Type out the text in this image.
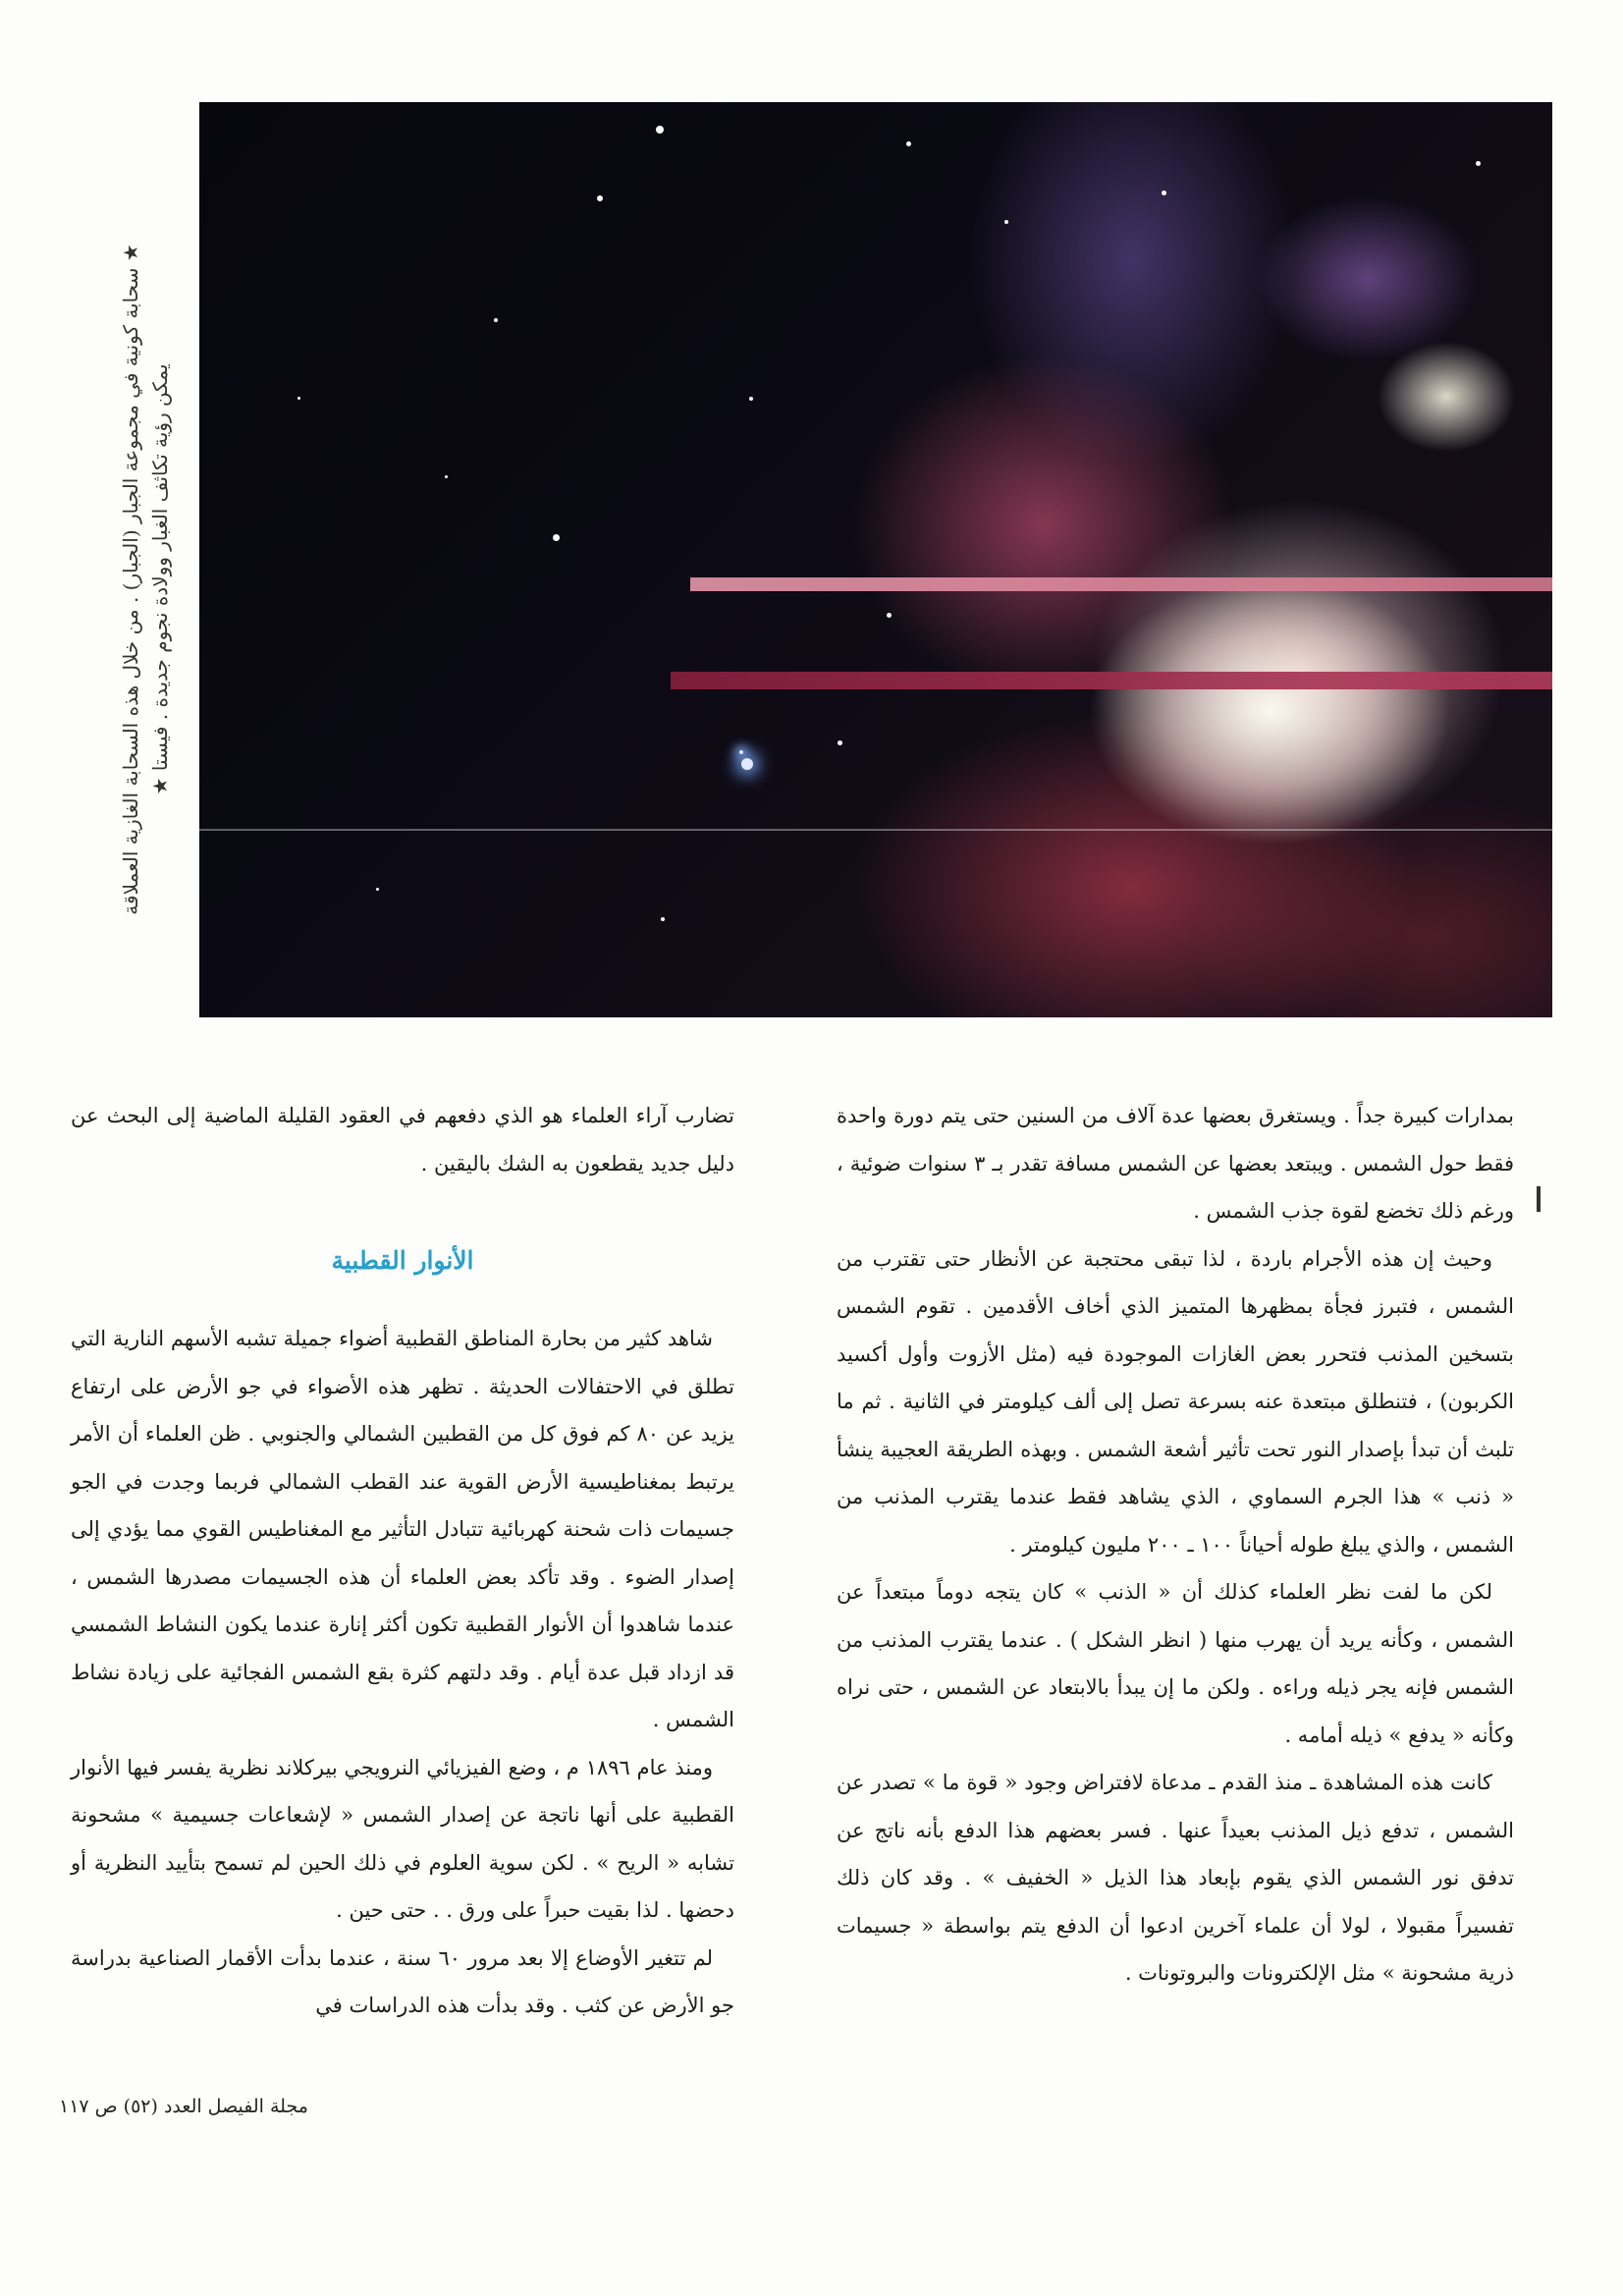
★ سحابة كونية في مجموعة الجبار (الجبار) . من خلال هذه السحابة الغازية العملاقة يمكن رؤية تكاثف الغبار وولادة نجوم جديدة . فيستا ★

بمدارات كبيرة جداً . ويستغرق بعضها عدة آلاف من السنين حتى يتم دورة واحدة فقط حول الشمس . ويبتعد بعضها عن الشمس مسافة تقدر بـ ٣ سنوات ضوئية ، ورغم ذلك تخضع لقوة جذب الشمس .

وحيث إن هذه الأجرام باردة ، لذا تبقى محتجبة عن الأنظار حتى تقترب من الشمس ، فتبرز فجأة بمظهرها المتميز الذي أخاف الأقدمين . تقوم الشمس بتسخين المذنب فتحرر بعض الغازات الموجودة فيه (مثل الأزوت وأول أكسيد الكربون) ، فتنطلق مبتعدة عنه بسرعة تصل إلى ألف كيلومتر في الثانية . ثم ما تلبث أن تبدأ بإصدار النور تحت تأثير أشعة الشمس . وبهذه الطريقة العجيبة ينشأ « ذنب » هذا الجرم السماوي ، الذي يشاهد فقط عندما يقترب المذنب من الشمس ، والذي يبلغ طوله أحياناً ١٠٠ ـ ٢٠٠ مليون كيلومتر .

لكن ما لفت نظر العلماء كذلك أن « الذنب » كان يتجه دوماً مبتعداً عن الشمس ، وكأنه يريد أن يهرب منها ( انظر الشكل ) . عندما يقترب المذنب من الشمس فإنه يجر ذيله وراءه . ولكن ما إن يبدأ بالابتعاد عن الشمس ، حتى نراه وكأنه « يدفع » ذيله أمامه .

كانت هذه المشاهدة ـ منذ القدم ـ مدعاة لافتراض وجود « قوة ما » تصدر عن الشمس ، تدفع ذيل المذنب بعيداً عنها . فسر بعضهم هذا الدفع بأنه ناتج عن تدفق نور الشمس الذي يقوم بإبعاد هذا الذيل « الخفيف » . وقد كان ذلك تفسيراً مقبولا ، لولا أن علماء آخرين ادعوا أن الدفع يتم بواسطة « جسيمات ذرية مشحونة » مثل الإلكترونات والبروتونات .

تضارب آراء العلماء هو الذي دفعهم في العقود القليلة الماضية إلى البحث عن دليل جديد يقطعون به الشك باليقين .

الأنوار القطبية

شاهد كثير من بحارة المناطق القطبية أضواء جميلة تشبه الأسهم النارية التي تطلق في الاحتفالات الحديثة . تظهر هذه الأضواء في جو الأرض على ارتفاع يزيد عن ٨٠ كم فوق كل من القطبين الشمالي والجنوبي . ظن العلماء أن الأمر يرتبط بمغناطيسية الأرض القوية عند القطب الشمالي فربما وجدت في الجو جسيمات ذات شحنة كهربائية تتبادل التأثير مع المغناطيس القوي مما يؤدي إلى إصدار الضوء . وقد تأكد بعض العلماء أن هذه الجسيمات مصدرها الشمس ، عندما شاهدوا أن الأنوار القطبية تكون أكثر إنارة عندما يكون النشاط الشمسي قد ازداد قبل عدة أيام . وقد دلتهم كثرة بقع الشمس الفجائية على زيادة نشاط الشمس .

ومنذ عام ١٨٩٦ م ، وضع الفيزيائي النرويجي بيركلاند نظرية يفسر فيها الأنوار القطبية على أنها ناتجة عن إصدار الشمس « لإشعاعات جسيمية » مشحونة تشابه « الريح » . لكن سوية العلوم في ذلك الحين لم تسمح بتأييد النظرية أو دحضها . لذا بقيت حبراً على ورق . . حتى حين .

لم تتغير الأوضاع إلا بعد مرور ٦٠ سنة ، عندما بدأت الأقمار الصناعية بدراسة جو الأرض عن كثب . وقد بدأت هذه الدراسات في

مجلة الفيصل العدد (٥٢) ص ١١٧
